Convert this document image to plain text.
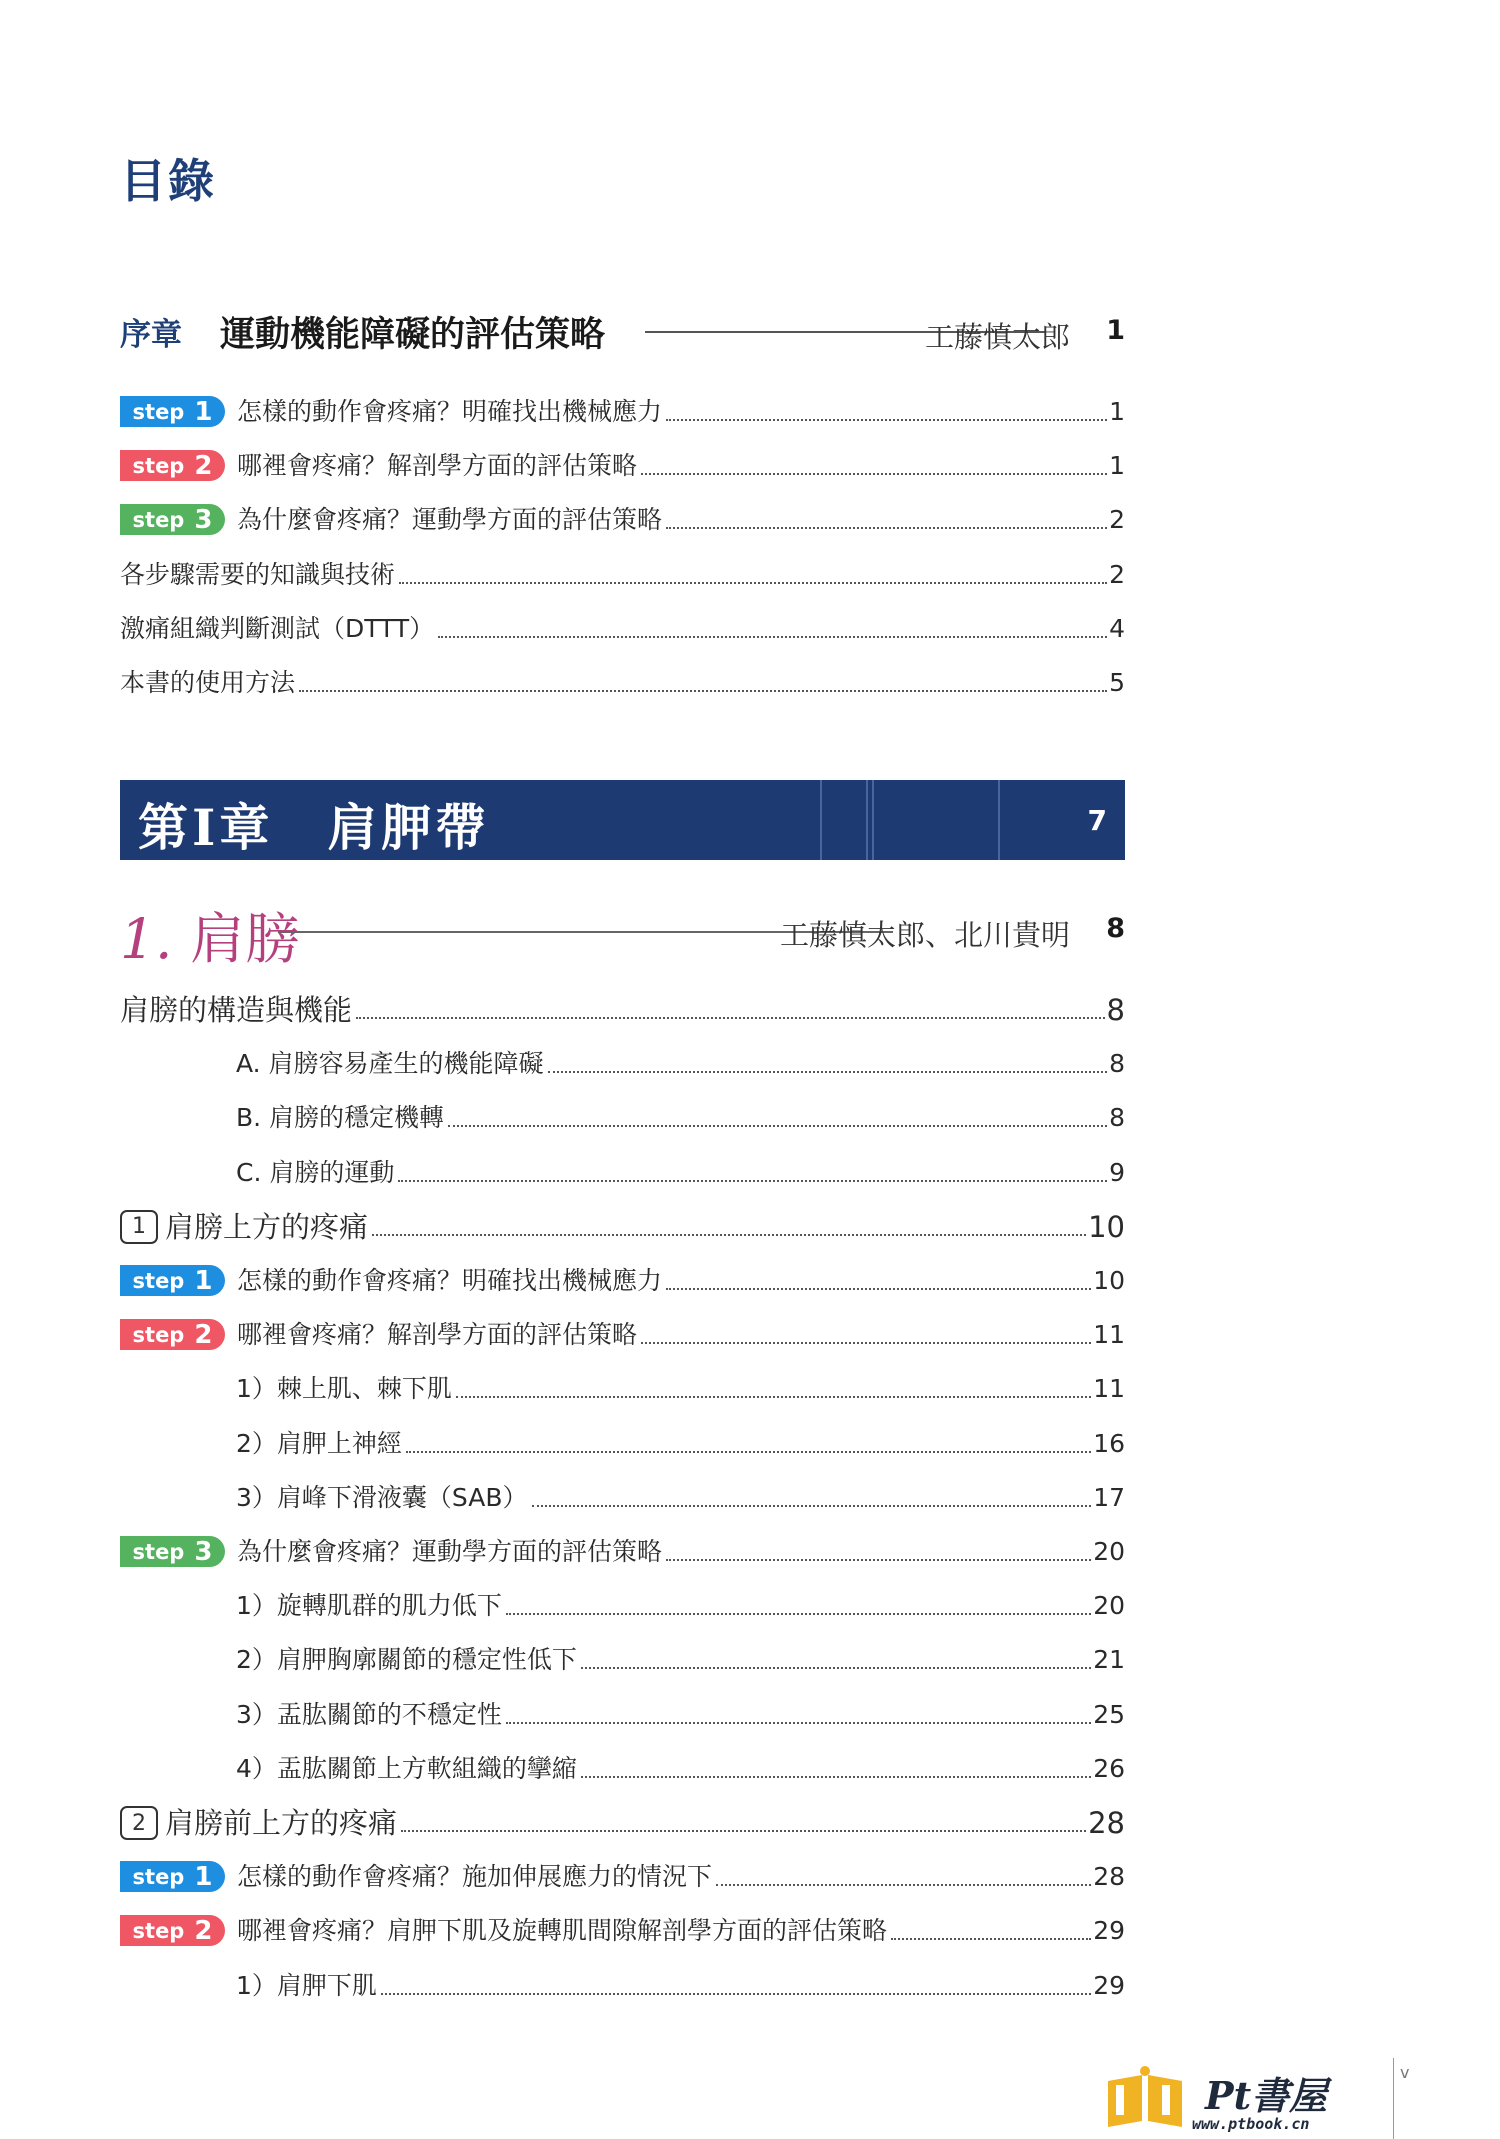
目錄
序章 運動機能障礙的評估策略	工藤慎太郎 1
step 1 怎樣的動作會疼痛？明確找出機械應力	1
step 2 哪裡會疼痛？解剖學方面的評估策略	1
step 3 為什麼會疼痛？運動學方面的評估策略	2
各步驟需要的知識與技術	2
激痛組織判斷測試（DTTT）	4
本書的使用方法	5
第Ⅰ章　肩胛帶	7
1. 肩膀	工藤慎太郎、北川貴明 8
肩膀的構造與機能	8
A. 肩膀容易產生的機能障礙	8
B. 肩膀的穩定機轉	8
C. 肩膀的運動	9
1 肩膀上方的疼痛	10
step 1 怎樣的動作會疼痛？明確找出機械應力	10
step 2 哪裡會疼痛？解剖學方面的評估策略	11
1）棘上肌、棘下肌	11
2）肩胛上神經	16
3）肩峰下滑液囊（SAB）	17
step 3 為什麼會疼痛？運動學方面的評估策略	20
1）旋轉肌群的肌力低下	20
2）肩胛胸廓關節的穩定性低下	21
3）盂肱關節的不穩定性	25
4）盂肱關節上方軟組織的攣縮	26
2 肩膀前上方的疼痛	28
step 1 怎樣的動作會疼痛？施加伸展應力的情況下	28
step 2 哪裡會疼痛？肩胛下肌及旋轉肌間隙解剖學方面的評估策略	29
1）肩胛下肌	29
Pt書屋
www.ptbook.cn
v
